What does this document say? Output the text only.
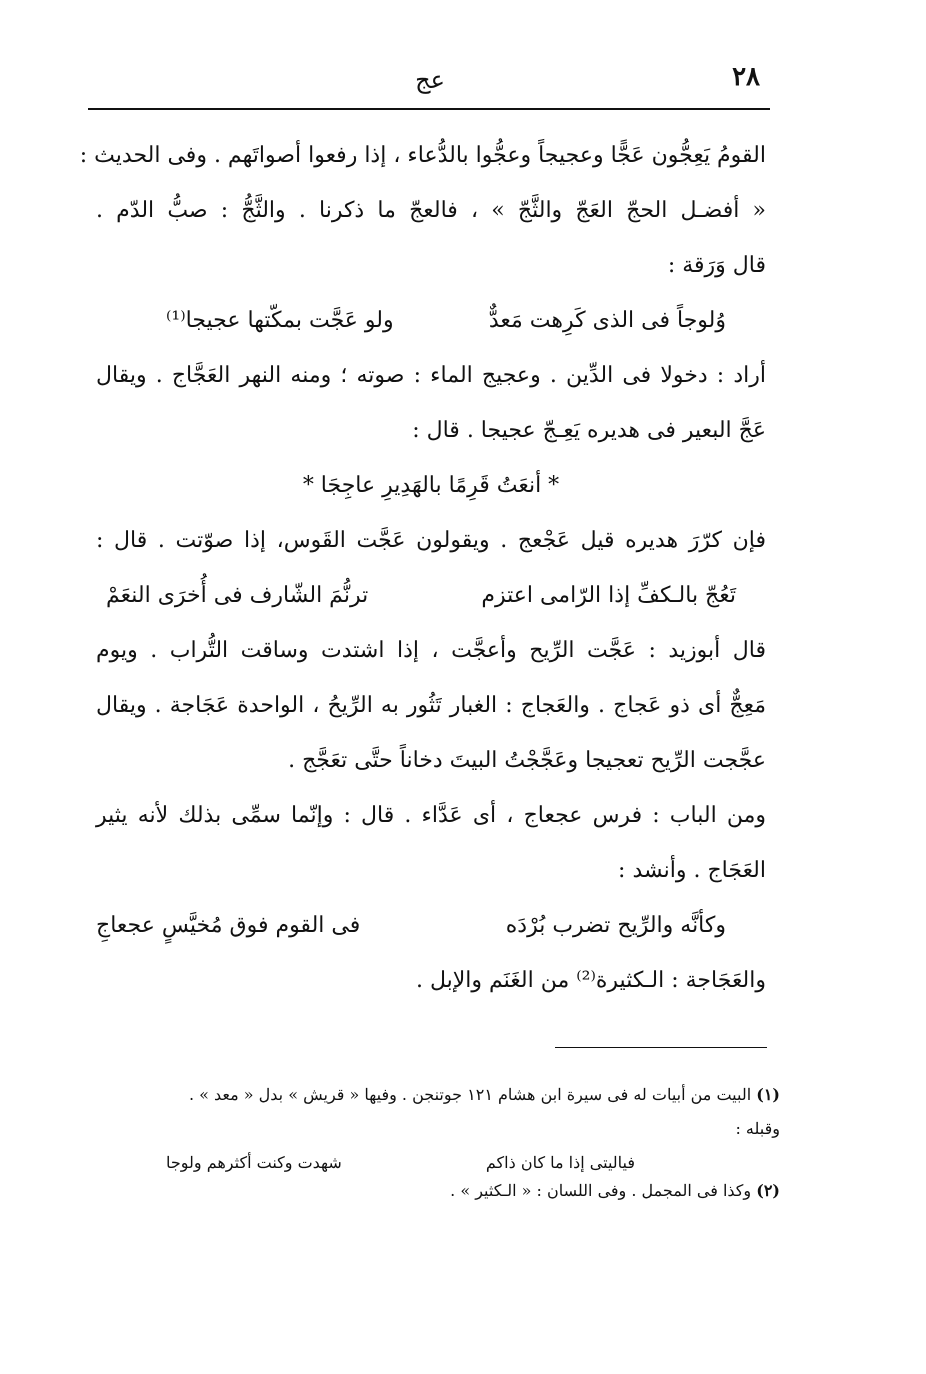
٢٨
عج
القومُ يَعِجُّون عَجًّا وعجيجاً وعجُّوا بالدُّعاء ، إذا رفعوا أصواتَهم . وفى الحديث :
« أفضـل الحجّ العَجّ والثَّجّ » ، فالعجّ ما ذكرنا . والثَّجُّ : صبُّ الدّم .
قال وَرَقة :
وُلوجاً فى الذى كَرِهت مَعدٌّ
ولو عَجَّت بمكّتها عجيجا⁽¹⁾
أراد : دخولا فى الدِّين . وعجيج الماء : صوته ؛ ومنه النهر العَجَّاج . ويقال
عَجَّ البعير فى هديره يَعِـجّ عجيجا . قال :
* أنعَتُ قَرِمًا بالهَدِيرِ عاجِجَا *
فإن كرّرَ هديره قيل عَجْعج . ويقولون عَجَّت القَوس، إذا صوّتت . قال :
تَعُجّ بالـكفِّ إذا الرّامى اعتزم
ترنُّمَ الشّارف فى أُخرَى النعَمْ
قال أبوزيد : عَجَّت الرِّيح وأعجَّت ، إذا اشتدت وساقت التُّراب . ويوم
مَعِجٌّ أى ذو عَجاج . والعَجاج : الغبار تَثُور به الرِّيحُ ، الواحدة عَجَاجة . ويقال
عجَّجت الرِّيح تعجيجا وعَجَّجْتُ البيتَ دخاناً حتَّى تعَجَّج .
ومن الباب : فرس عجعاج ، أى عَدَّاء . قال : وإنّما سمِّى بذلك لأنه يثير
العَجَاج . وأنشد :
وكأنَّه والرِّيح تضرب بُرْدَه
فى القوم فوق مُخيَّسٍ عجعاجِ
والعَجَاجة : الـكثيرة⁽²⁾ من الغَنَم والإبل .
(١) البيت من أبيات له فى سيرة ابن هشام ١٢١ جوتنجن . وفيها « قريش » بدل « معد » .
وقبله :
فياليتى إذا ما كان ذاكم
شهدت وكنت أكثرهم ولوجا
(٢) وكذا فى المجمل . وفى اللسان : « الـكثير » .
